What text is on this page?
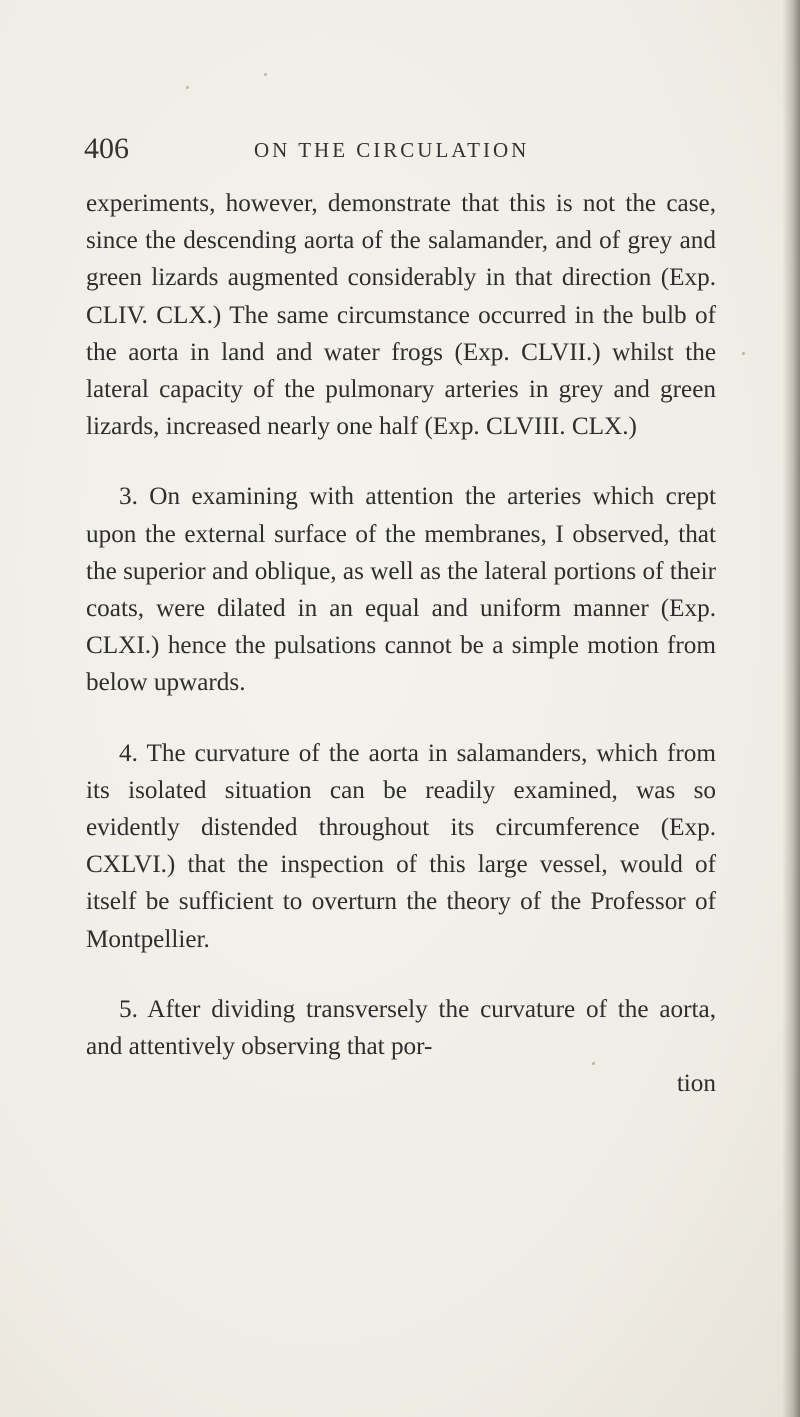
406	ON THE CIRCULATION

experiments, however, demonstrate that this is not the case, since the descending aorta of the salamander, and of grey and green lizards augmented considerably in that direction (Exp. CLIV. CLX.) The same circumstance occurred in the bulb of the aorta in land and water frogs (Exp. CLVII.) whilst the lateral capacity of the pulmonary arteries in grey and green lizards, increased nearly one half (Exp. CLVIII. CLX.)

3. On examining with attention the arteries which crept upon the external surface of the membranes, I observed, that the superior and oblique, as well as the lateral portions of their coats, were dilated in an equal and uniform manner (Exp. CLXI.) hence the pulsations cannot be a simple motion from below upwards.

4. The curvature of the aorta in salamanders, which from its isolated situation can be readily examined, was so evidently distended throughout its circumference (Exp. CXLVI.) that the inspection of this large vessel, would of itself be sufficient to overturn the theory of the Professor of Montpellier.

5. After dividing transversely the curvature of the aorta, and attentively observing that por-

tion
